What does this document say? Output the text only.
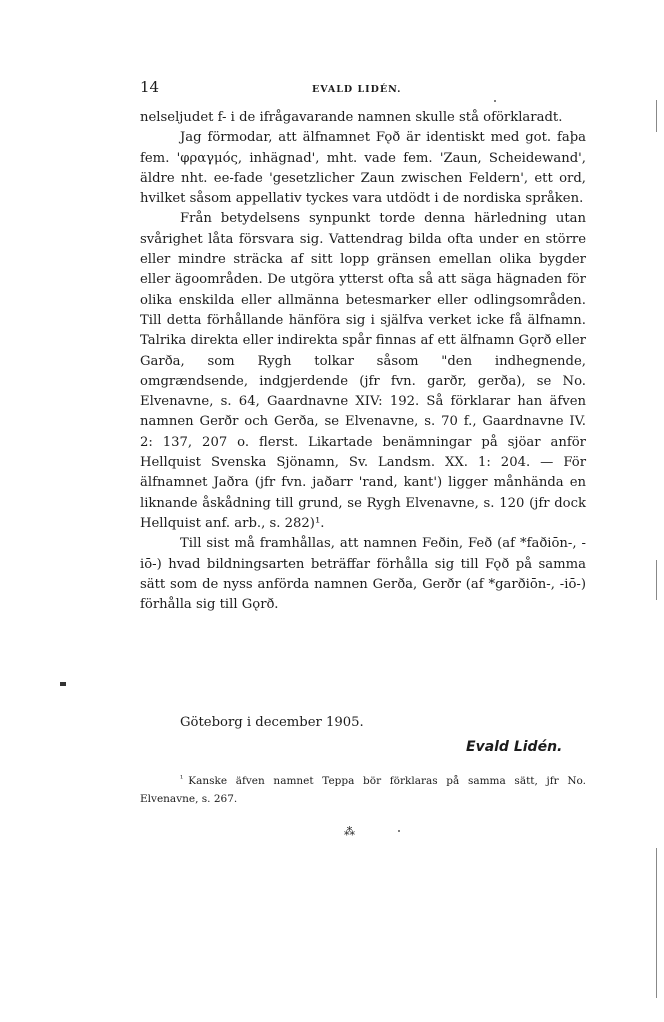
14	EVALD LIDÉN.

nelseljudet f- i de ifrågavarande namnen skulle stå oförklaradt.

Jag förmodar, att älfnamnet Fǫð är identiskt med got. faþa fem. 'φραγμός, inhägnad', mht. vade fem. 'Zaun, Scheidewand', äldre nht. ee-fade 'gesetzlicher Zaun zwischen Feldern', ett ord, hvilket såsom appellativ tyckes vara utdödt i de nordiska språken.

Från betydelsens synpunkt torde denna härledning utan svårighet låta försvara sig. Vattendrag bilda ofta under en större eller mindre sträcka af sitt lopp gränsen emellan olika bygder eller ägoområden. De utgöra ytterst ofta så att säga hägnaden för olika enskilda eller allmänna betesmarker eller odlingsområden. Till detta förhållande hänföra sig i själfva verket icke få älfnamn. Talrika direkta eller indirekta spår finnas af ett älfnamn Gǫrð eller Garða, som Rygh tolkar såsom "den indhegnende, omgrændsende, indgjerdende (jfr fvn. garðr, gerða), se No. Elvenavne, s. 64, Gaardnavne XIV: 192. Så förklarar han äfven namnen Gerðr och Gerða, se Elvenavne, s. 70 f., Gaardnavne IV. 2: 137, 207 o. flerst. Likartade benämningar på sjöar anför Hellquist Svenska Sjönamn, Sv. Landsm. XX. 1: 204. — För älfnamnet Jaðra (jfr fvn. jaðarr 'rand, kant') ligger månhända en liknande åskådning till grund, se Rygh Elvenavne, s. 120 (jfr dock Hellquist anf. arb., s. 282)¹.

Till sist må framhållas, att namnen Feðin, Feð (af *faðiōn-, -iō-) hvad bildningsarten beträffar förhålla sig till Fǫð på samma sätt som de nyss anförda namnen Gerða, Gerðr (af *garðiōn-, -iō-) förhålla sig till Gǫrð.

Göteborg i december 1905.
Evald Lidén.

$^{^1}$ Kanske äfven namnet Teppa bör förklaras på samma sätt, jfr No. Elvenavne, s. 267.

⁂
